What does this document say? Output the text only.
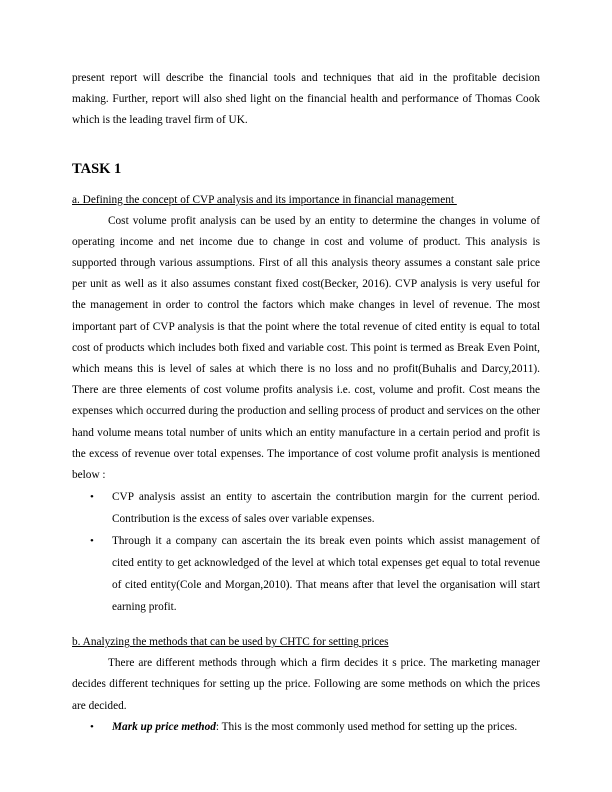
present report will describe the financial tools and techniques that aid in the profitable decision making. Further, report will also shed light on the financial health and performance of Thomas Cook which is the leading travel firm of UK.

TASK 1

a. Defining the concept of CVP analysis and its importance in financial management

Cost volume profit analysis can be used by an entity to determine the changes in volume of operating income and net income due to change in cost and volume of product. This analysis is supported through various assumptions. First of all this analysis theory assumes a constant sale price per unit as well as it also assumes constant fixed cost(Becker, 2016). CVP analysis is very useful for the management in order to control the factors which make changes in level of revenue. The most important part of CVP analysis is that the point where the total revenue of cited entity is equal to total cost of products which includes both fixed and variable cost. This point is termed as Break Even Point, which means this is level of sales at which there is no loss and no profit(Buhalis and Darcy,2011). There are three elements of cost volume profits analysis i.e. cost, volume and profit. Cost means the expenses which occurred during the production and selling process of product and services on the other hand volume means total number of units which an entity manufacture in a certain period and profit is the excess of revenue over total expenses. The importance of cost volume profit analysis is mentioned below :

• CVP analysis assist an entity to ascertain the contribution margin for the current period. Contribution is the excess of sales over variable expenses.
• Through it a company can ascertain the its break even points which assist management of cited entity to get acknowledged of the level at which total expenses get equal to total revenue of cited entity(Cole and Morgan,2010). That means after that level the organisation will start earning profit.

b. Analyzing the methods that can be used by CHTC for setting prices

There are different methods through which a firm decides it s price. The marketing manager decides different techniques for setting up the price. Following are some methods on which the prices are decided.

• Mark up price method: This is the most commonly used method for setting up the prices.
